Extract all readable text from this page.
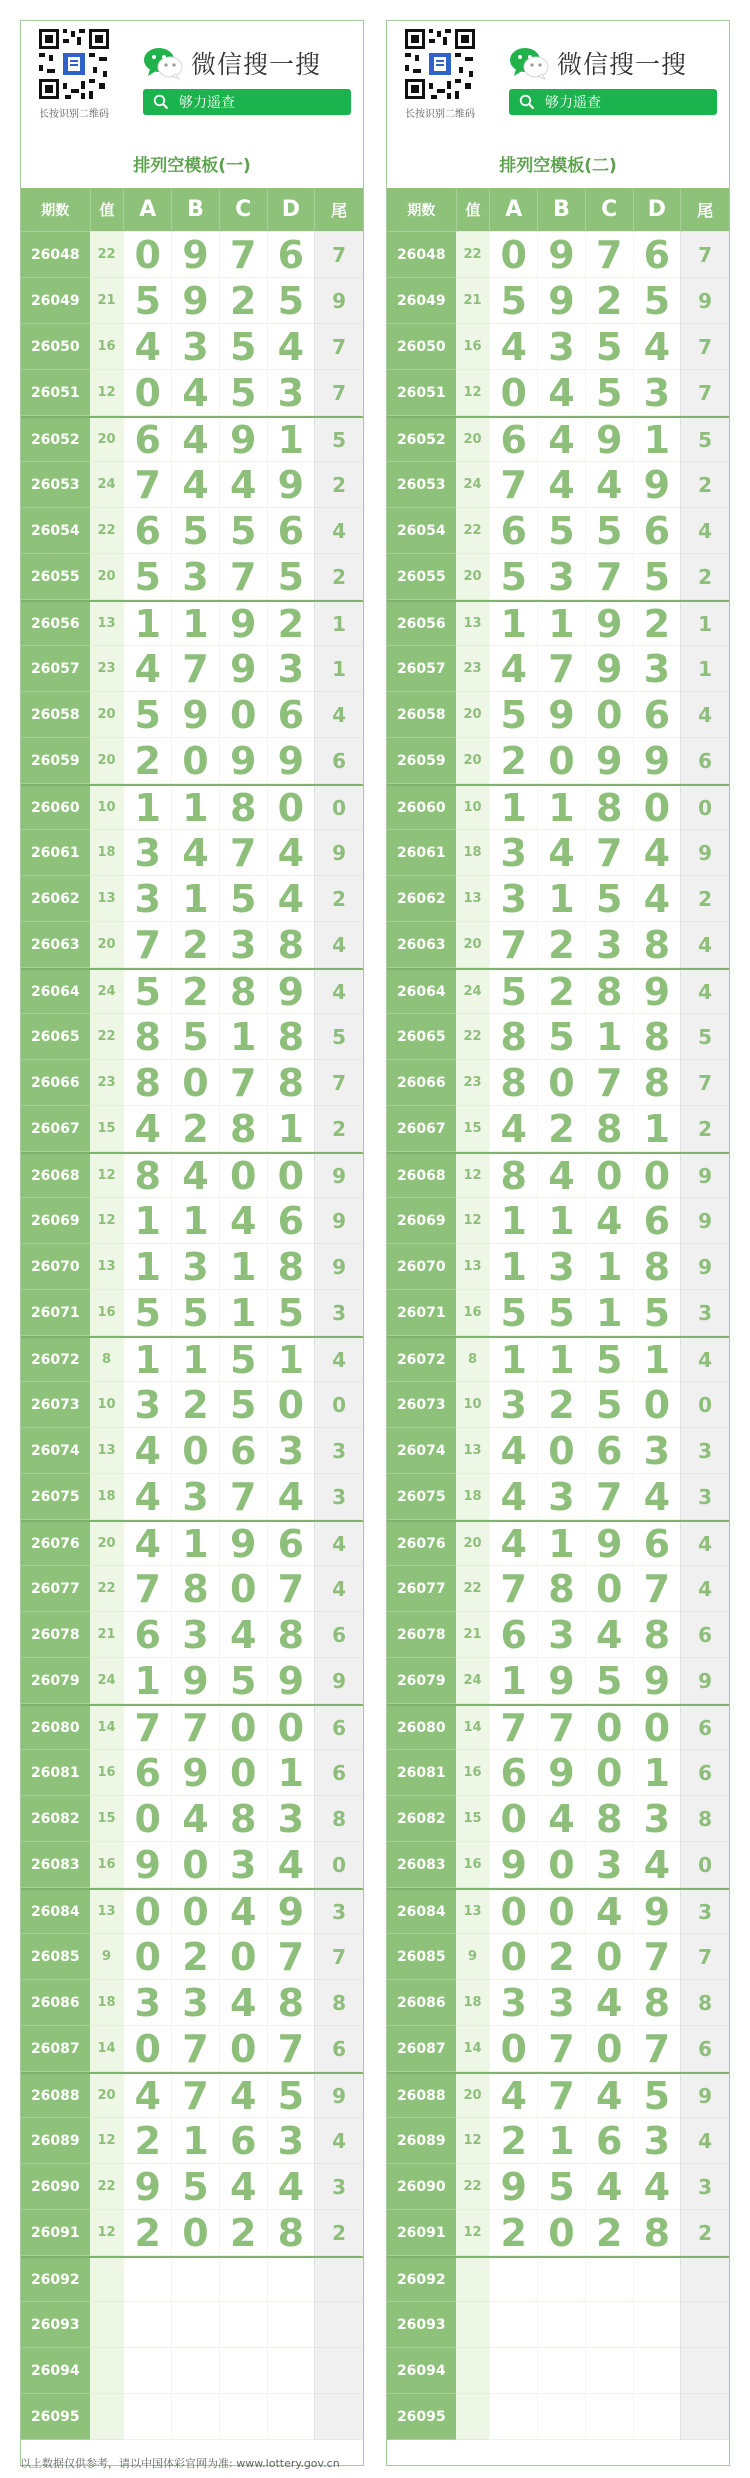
长按识别二维码
微信搜一搜
够力遥查
排列空模板(一)
期数	值	A	B	C	D	尾
26048	22 0 9 7 6	7
26049	21 5 9 2 5	9
26050	16 4 3 5 4	7
26051	12 0 4 5 3	7
26052	20 6 4 9 1	5
26053	24 7 4 4 9	2
26054	22 6 5 5 6	4
26055	20 5 3 7 5	2
26056	13 1 1 9 2	1
26057	23 4 7 9 3	1
26058	20 5 9 0 6	4
26059	20 2 0 9 9	6
26060	10 1 1 8 0	0
26061	18 3 4 7 4	9
26062	13 3 1 5 4	2
26063	20 7 2 3 8	4
26064	24 5 2 8 9	4
26065	22 8 5 1 8	5
26066	23 8 0 7 8	7
26067	15 4 2 8 1	2
26068	12 8 4 0 0	9
26069	12 1 1 4 6	9
26070	13 1 3 1 8	9
26071	16 5 5 1 5	3
26072	8 1 1 5 1	4
26073	10 3 2 5 0	0
26074	13 4 0 6 3	3
26075	18 4 3 7 4	3
26076	20 4 1 9 6	4
26077	22 7 8 0 7	4
26078	21 6 3 4 8	6
26079	24 1 9 5 9	9
26080	14 7 7 0 0	6
26081	16 6 9 0 1	6
26082	15 0 4 8 3	8
26083	16 9 0 3 4	0
26084	13 0 0 4 9	3
26085	9 0 2 0 7	7
26086	18 3 3 4 8	8
26087	14 0 7 0 7	6
26088	20 4 7 4 5	9
26089	12 2 1 6 3	4
26090	22 9 5 4 4	3
26091	12 2 0 2 8	2
26092
26093
26094
26095
长按识别二维码
微信搜一搜
够力遥查
排列空模板(二)
期数	值	A	B	C	D	尾
26048	22 0 9 7 6	7
26049	21 5 9 2 5	9
26050	16 4 3 5 4	7
26051	12 0 4 5 3	7
26052	20 6 4 9 1	5
26053	24 7 4 4 9	2
26054	22 6 5 5 6	4
26055	20 5 3 7 5	2
26056	13 1 1 9 2	1
26057	23 4 7 9 3	1
26058	20 5 9 0 6	4
26059	20 2 0 9 9	6
26060	10 1 1 8 0	0
26061	18 3 4 7 4	9
26062	13 3 1 5 4	2
26063	20 7 2 3 8	4
26064	24 5 2 8 9	4
26065	22 8 5 1 8	5
26066	23 8 0 7 8	7
26067	15 4 2 8 1	2
26068	12 8 4 0 0	9
26069	12 1 1 4 6	9
26070	13 1 3 1 8	9
26071	16 5 5 1 5	3
26072	8 1 1 5 1	4
26073	10 3 2 5 0	0
26074	13 4 0 6 3	3
26075	18 4 3 7 4	3
26076	20 4 1 9 6	4
26077	22 7 8 0 7	4
26078	21 6 3 4 8	6
26079	24 1 9 5 9	9
26080	14 7 7 0 0	6
26081	16 6 9 0 1	6
26082	15 0 4 8 3	8
26083	16 9 0 3 4	0
26084	13 0 0 4 9	3
26085	9 0 2 0 7	7
26086	18 3 3 4 8	8
26087	14 0 7 0 7	6
26088	20 4 7 4 5	9
26089	12 2 1 6 3	4
26090	22 9 5 4 4	3
26091	12 2 0 2 8	2
26092
26093
26094
26095
以上数据仅供参考，请以中国体彩官网为准: www.lottery.gov.cn
